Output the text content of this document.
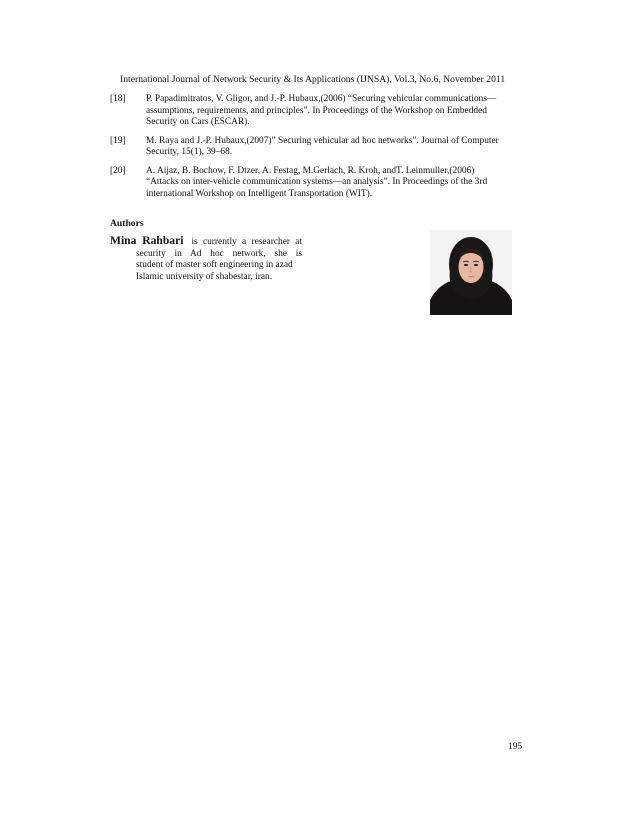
International Journal of Network Security & Its Applications (IJNSA), Vol.3, No.6, November 2011
[18] P. Papadimitratos, V. Gligor, and J.-P. Hubaux,(2006) “Securing vehicular communications—
assumptions, requirements, and principles”. In Proceedings of the Workshop on Embedded
Security on Cars (ESCAR).
[19] M. Raya and J.-P. Hubaux,(2007)” Securing vehicular ad hoc networks”. Journal of Computer
Security, 15(1), 39–68.
[20] A. Aijaz, B. Bochow, F. Dtzer, A. Festag, M.Gerlach, R. Kroh, andT. Leinmuller,(2006)
“Attacks on inter-vehicle communication systems—an analysis”. In Proceedings of the 3rd
international Workshop on Intelligent Transportation (WIT).
Authors
Mina Rahbari is currently a researcher at
security in Ad hoc network, she is
student of master soft engineering in azad
Islamic university of shabestar, iran.
195
